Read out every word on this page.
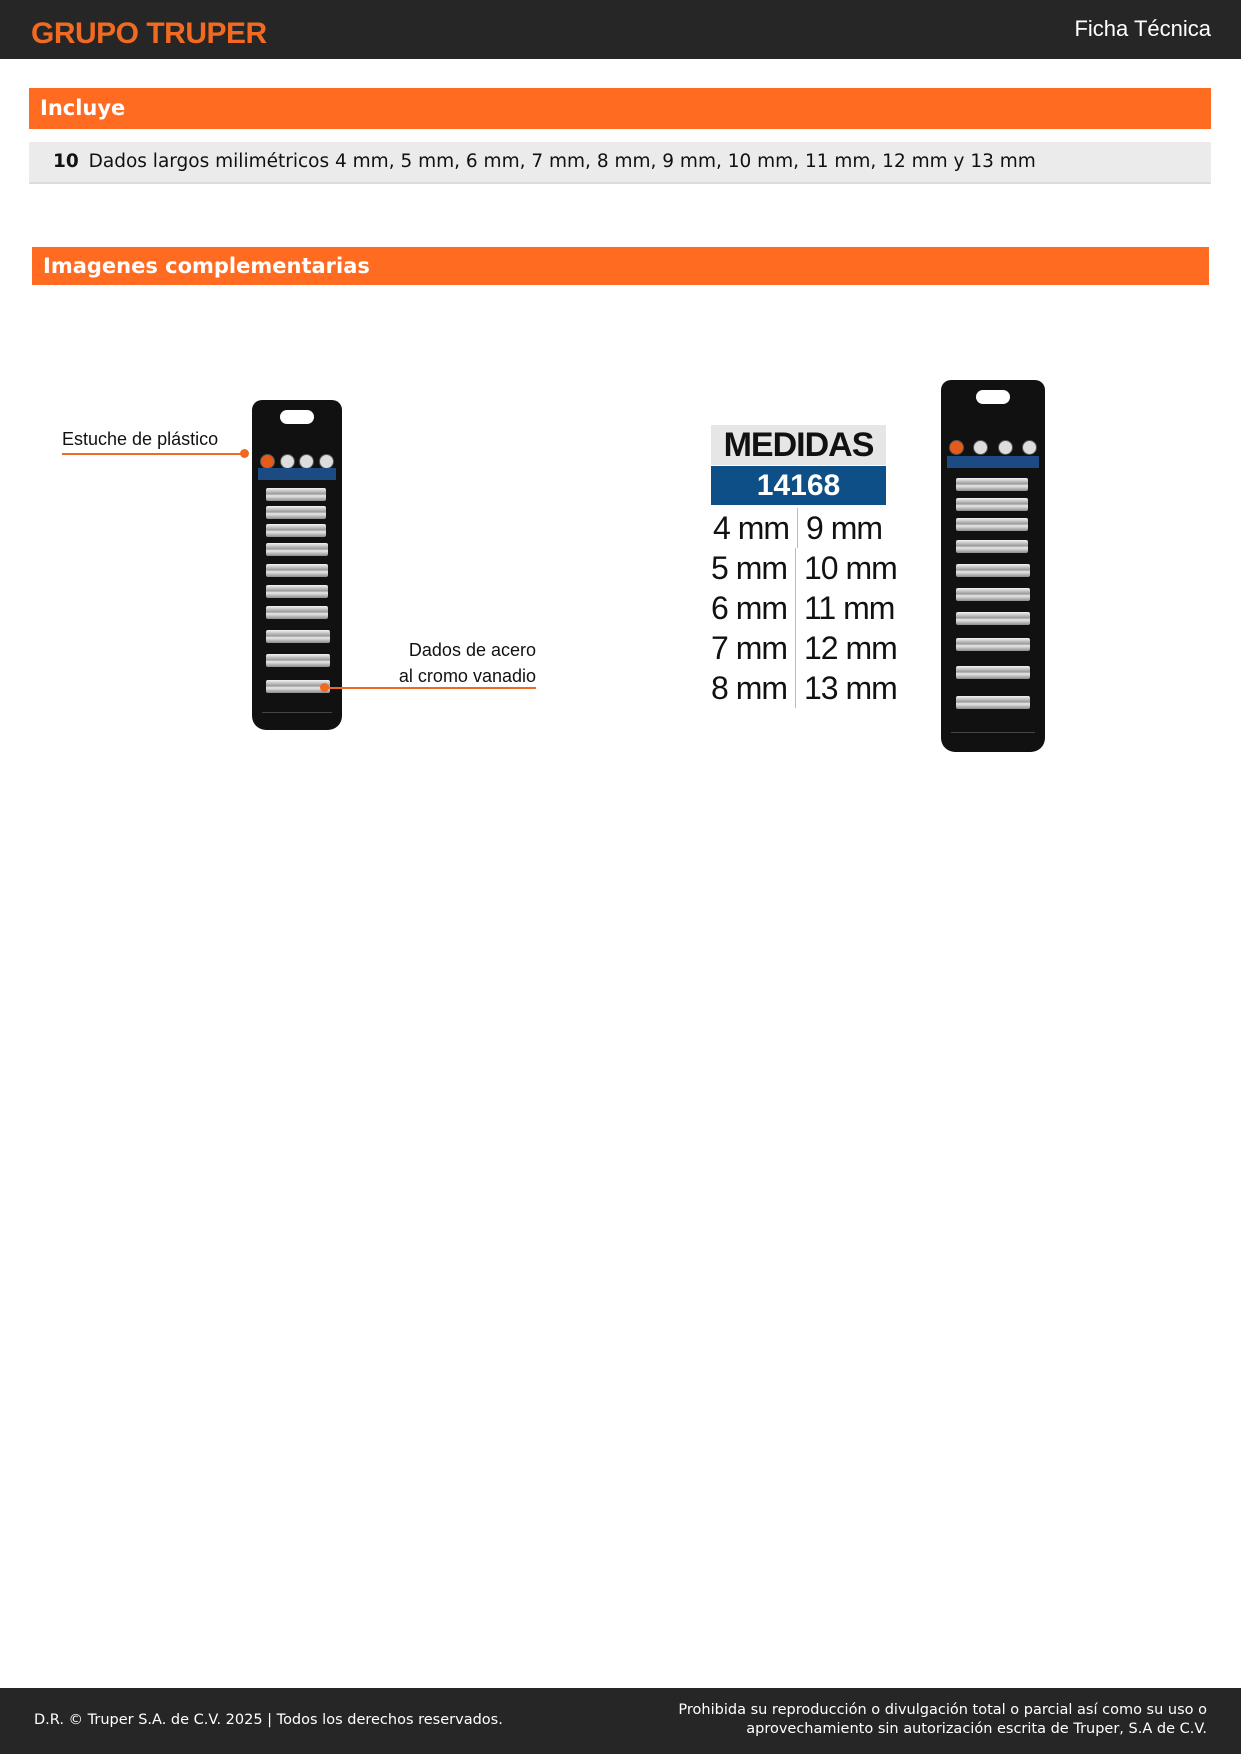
GRUPO TRUPER	Ficha Técnica
Incluye
10 Dados largos milimétricos 4 mm, 5 mm, 6 mm, 7 mm, 8 mm, 9 mm, 10 mm, 11 mm, 12 mm y 13 mm
Imagenes complementarias
Estuche de plástico
Dados de acero
al cromo vanadio
MEDIDAS
14168
4 mm 9 mm
5 mm 10 mm
6 mm 11 mm
7 mm 12 mm
8 mm 13 mm
D.R. © Truper S.A. de C.V. 2025 | Todos los derechos reservados.
Prohibida su reproducción o divulgación total o parcial así como su uso o
aprovechamiento sin autorización escrita de Truper, S.A de C.V.
